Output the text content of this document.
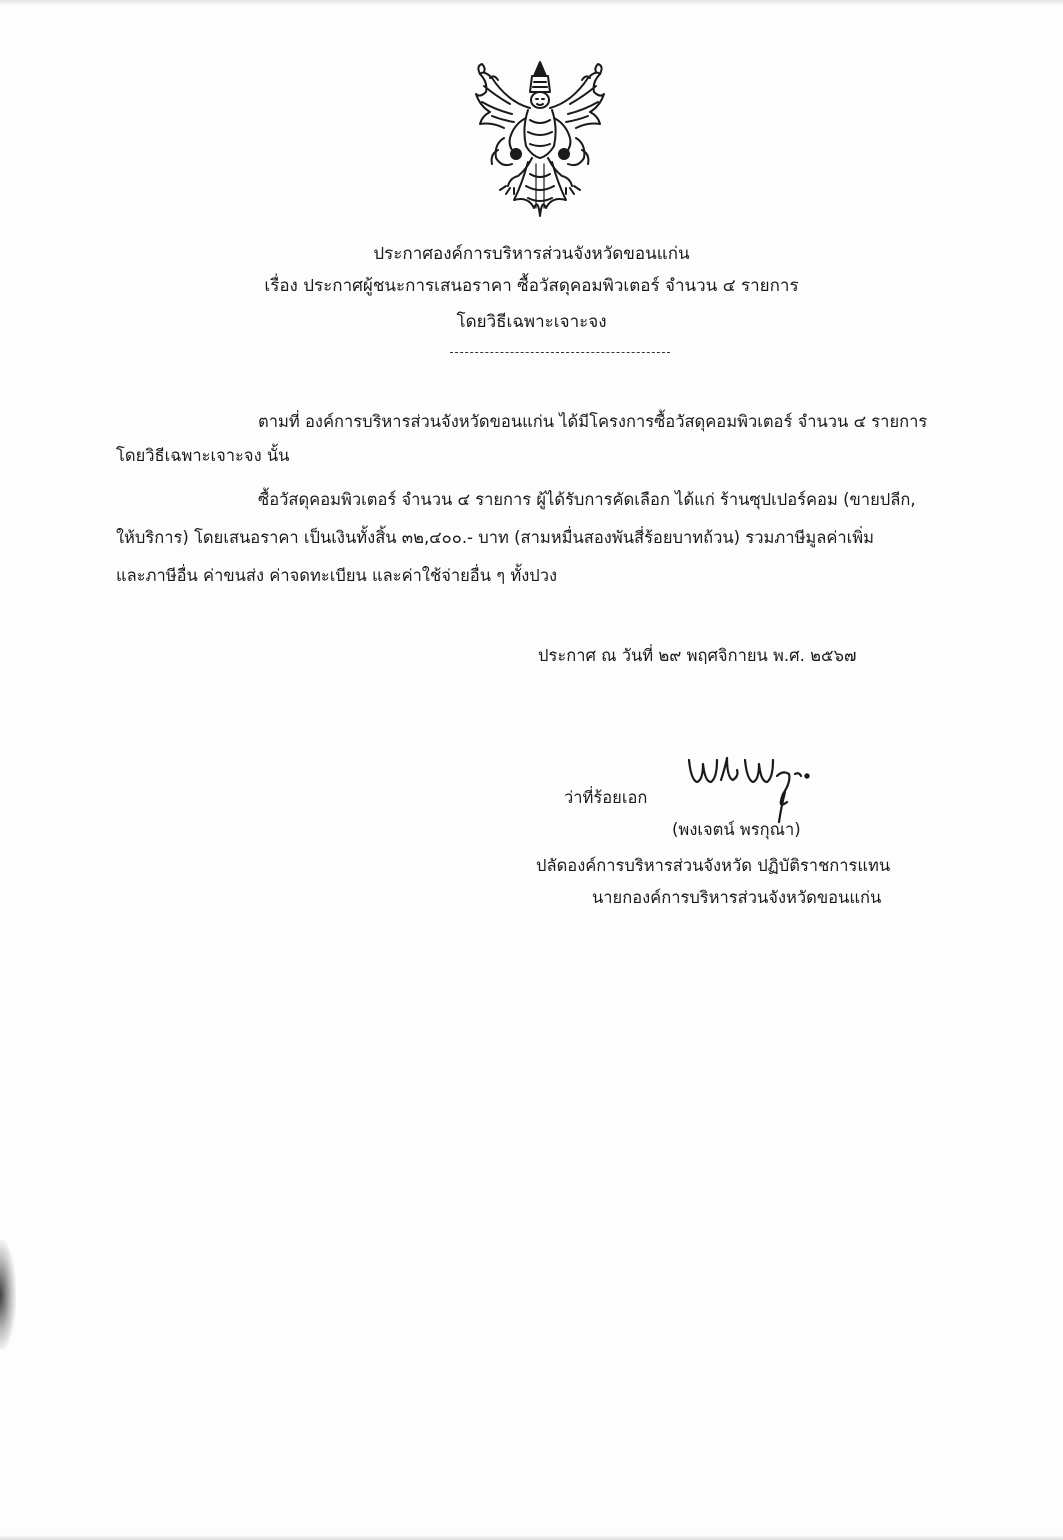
ประกาศองค์การบริหารส่วนจังหวัดขอนแก่น
เรื่อง ประกาศผู้ชนะการเสนอราคา ซื้อวัสดุคอมพิวเตอร์ จำนวน ๔ รายการ
โดยวิธีเฉพาะเจาะจง
ตามที่ องค์การบริหารส่วนจังหวัดขอนแก่น ได้มีโครงการซื้อวัสดุคอมพิวเตอร์ จำนวน ๔ รายการ
โดยวิธีเฉพาะเจาะจง นั้น
ซื้อวัสดุคอมพิวเตอร์ จำนวน ๔ รายการ ผู้ได้รับการคัดเลือก ได้แก่ ร้านซุปเปอร์คอม (ขายปลีก,
ให้บริการ) โดยเสนอราคา เป็นเงินทั้งสิ้น ๓๒,๔๐๐.- บาท (สามหมื่นสองพันสี่ร้อยบาทถ้วน) รวมภาษีมูลค่าเพิ่ม
และภาษีอื่น ค่าขนส่ง ค่าจดทะเบียน และค่าใช้จ่ายอื่น ๆ ทั้งปวง
ประกาศ ณ วันที่ ๒๙ พฤศจิกายน พ.ศ. ๒๕๖๗
ว่าที่ร้อยเอก
(พงเจตน์ พรกุณา)
ปลัดองค์การบริหารส่วนจังหวัด ปฏิบัติราชการแทน
นายกองค์การบริหารส่วนจังหวัดขอนแก่น
